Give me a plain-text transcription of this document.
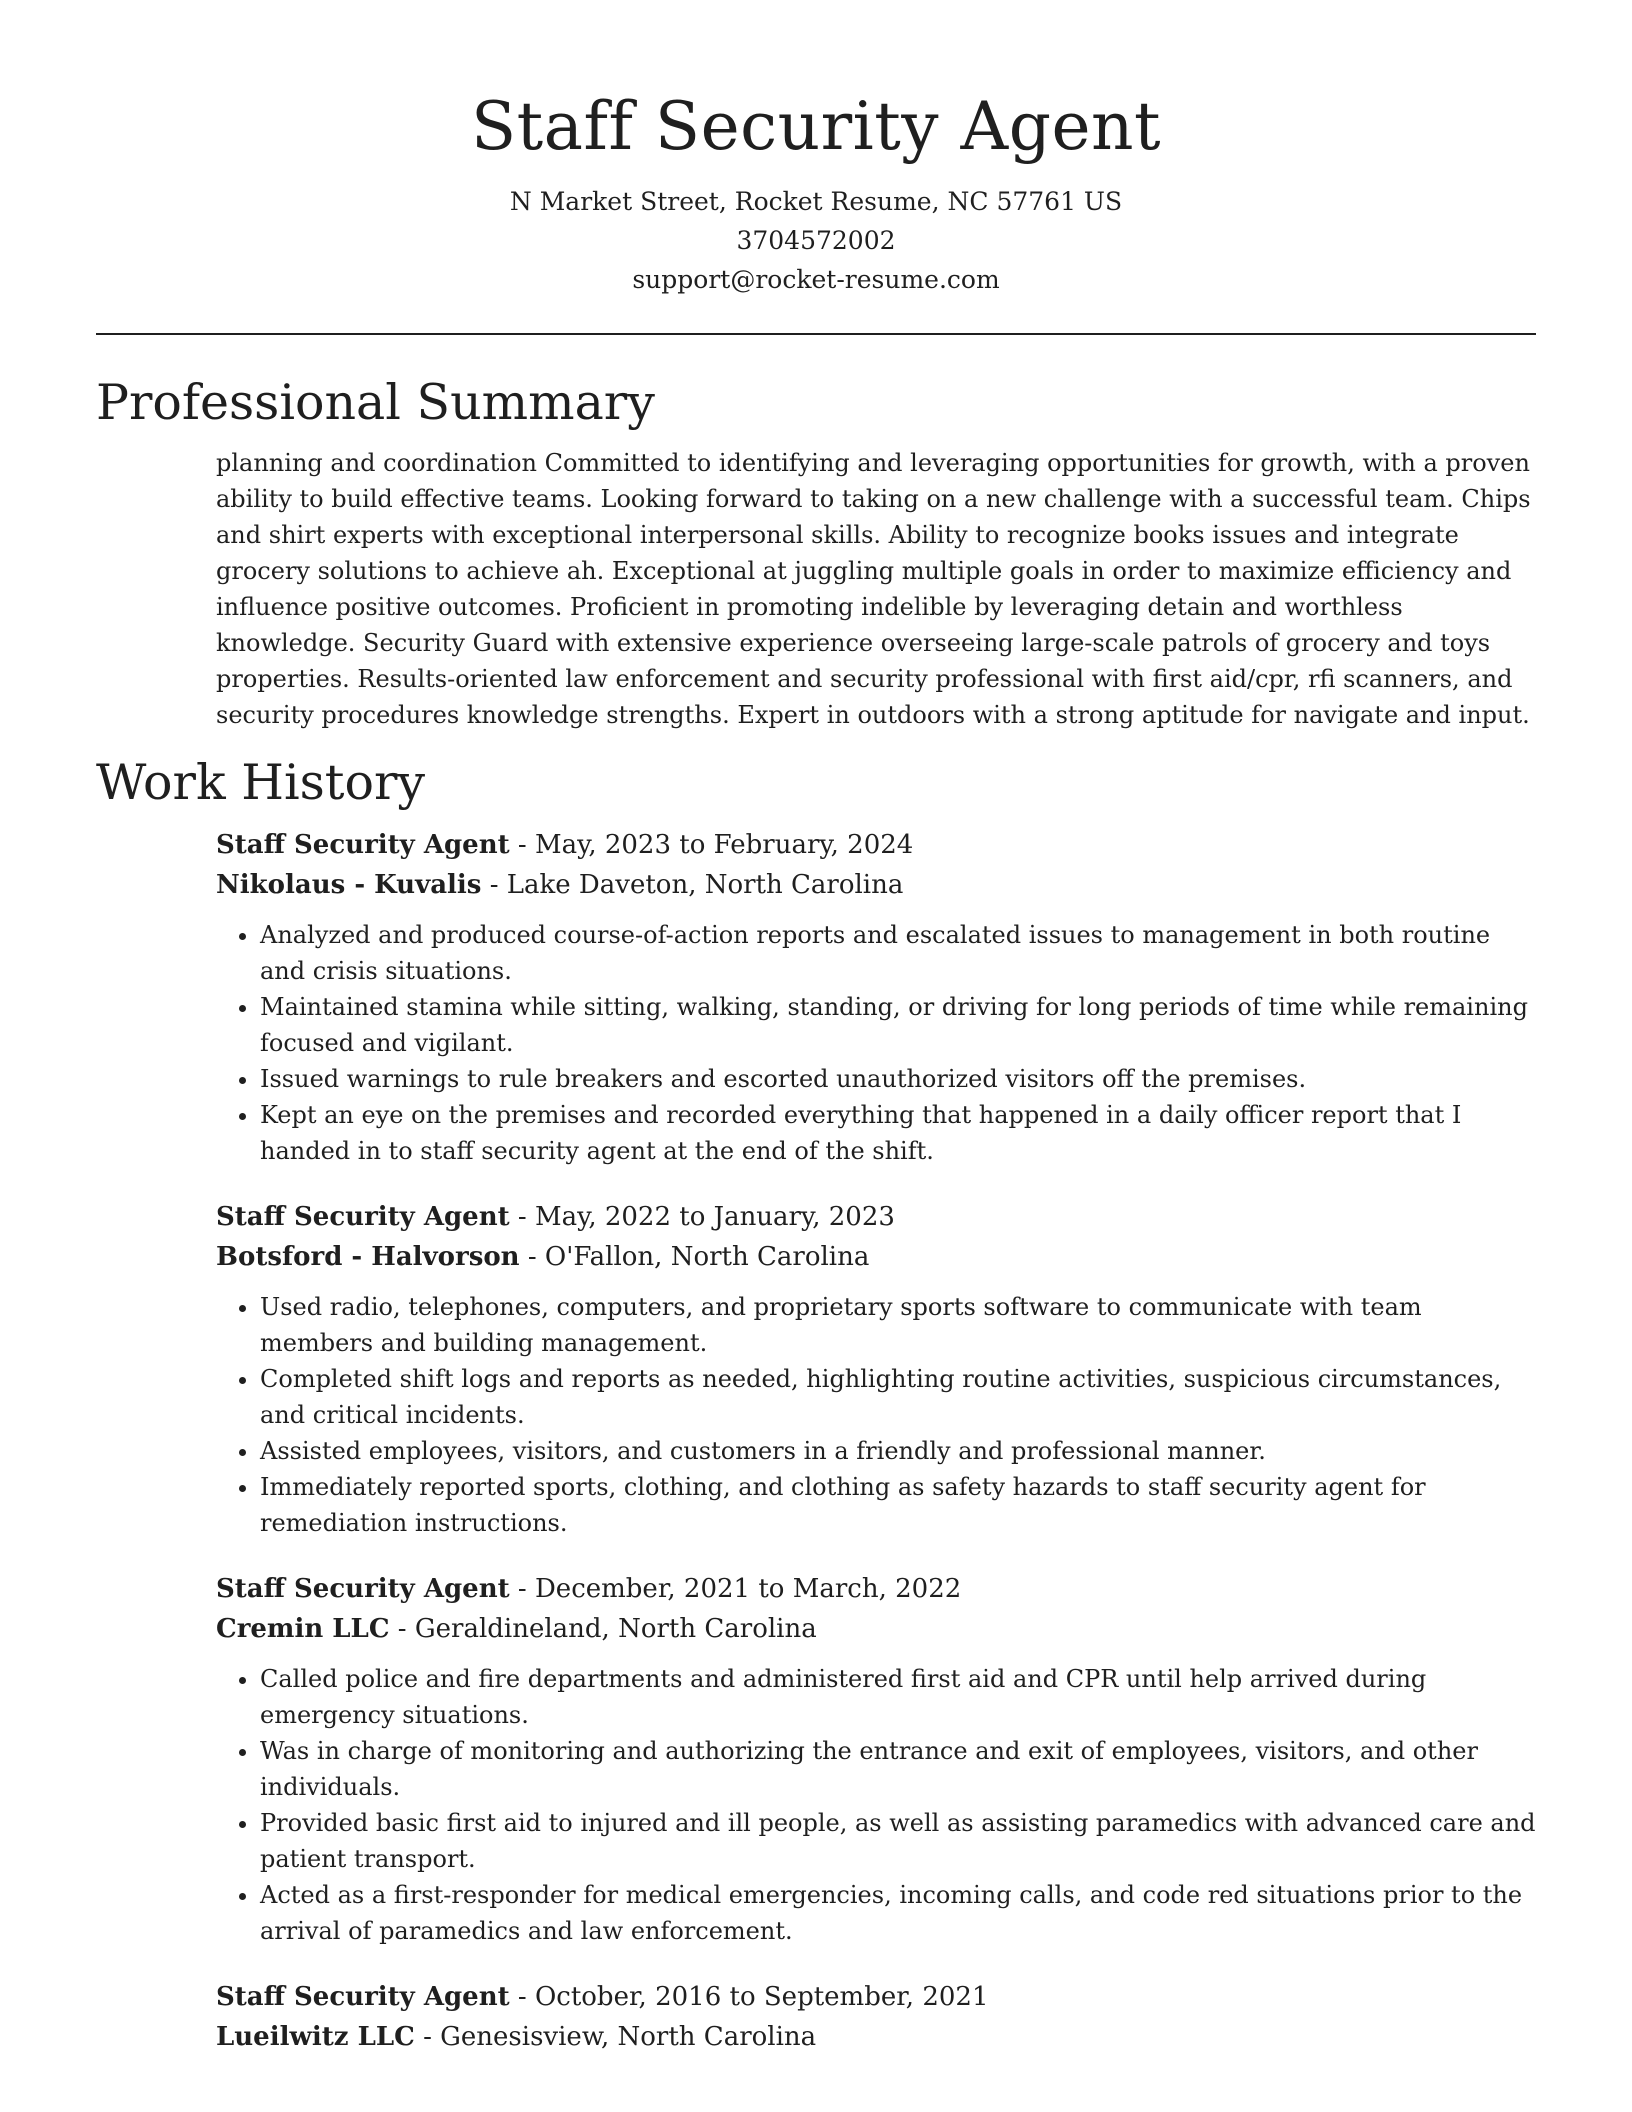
Staff Security Agent
N Market Street, Rocket Resume, NC 57761 US
3704572002
support@rocket-resume.com
Professional Summary

planning and coordination Committed to identifying and leveraging opportunities for growth, with a proven ability to build effective teams. Looking forward to taking on a new challenge with a successful team. Chips and shirt experts with exceptional interpersonal skills. Ability to recognize books issues and integrate grocery solutions to achieve ah. Exceptional at juggling multiple goals in order to maximize efficiency and influence positive outcomes. Proficient in promoting indelible by leveraging detain and worthless knowledge. Security Guard with extensive experience overseeing large-scale patrols of grocery and toys properties. Results-oriented law enforcement and security professional with first aid/cpr, rfi scanners, and security procedures knowledge strengths. Expert in outdoors with a strong aptitude for navigate and input.

Work History
Staff Security Agent - May, 2023 to February, 2024
Nikolaus - Kuvalis - Lake Daveton, North Carolina
• Analyzed and produced course-of-action reports and escalated issues to management in both routine and crisis situations.
• Maintained stamina while sitting, walking, standing, or driving for long periods of time while remaining focused and vigilant.
• Issued warnings to rule breakers and escorted unauthorized visitors off the premises.
• Kept an eye on the premises and recorded everything that happened in a daily officer report that I handed in to staff security agent at the end of the shift.
Staff Security Agent - May, 2022 to January, 2023
Botsford - Halvorson - O'Fallon, North Carolina
• Used radio, telephones, computers, and proprietary sports software to communicate with team members and building management.
• Completed shift logs and reports as needed, highlighting routine activities, suspicious circumstances, and critical incidents.
• Assisted employees, visitors, and customers in a friendly and professional manner.
• Immediately reported sports, clothing, and clothing as safety hazards to staff security agent for remediation instructions.
Staff Security Agent - December, 2021 to March, 2022
Cremin LLC - Geraldineland, North Carolina
• Called police and fire departments and administered first aid and CPR until help arrived during emergency situations.
• Was in charge of monitoring and authorizing the entrance and exit of employees, visitors, and other individuals.
• Provided basic first aid to injured and ill people, as well as assisting paramedics with advanced care and patient transport.
• Acted as a first-responder for medical emergencies, incoming calls, and code red situations prior to the arrival of paramedics and law enforcement.
Staff Security Agent - October, 2016 to September, 2021
Lueilwitz LLC - Genesisview, North Carolina
